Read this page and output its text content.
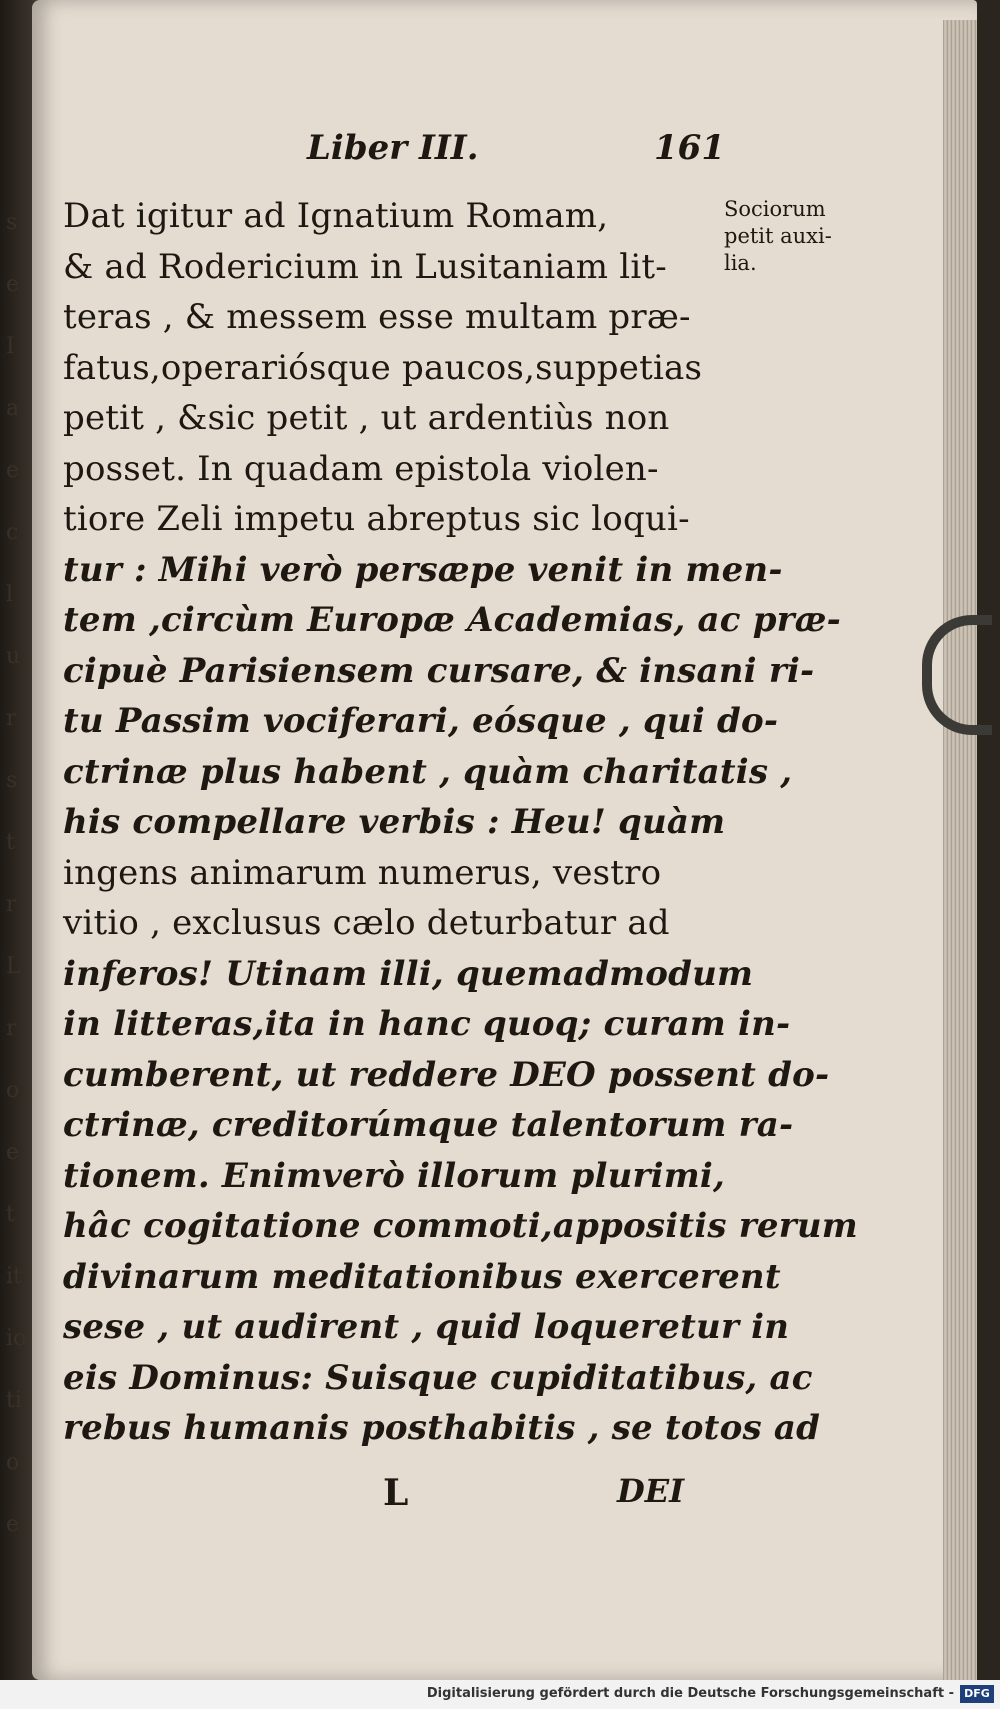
s
e
I
a
e
c
l
u
r
s
t
r
L
r
o
e
t
it
io
ti
o
e
Liber III.	161
Sociorum
petit auxi-
lia.
Dat igitur ad Ignatium Romam,
& ad Rodericium in Lusitaniam lit-
teras , & messem esse multam præ-
fatus,operariósque paucos,suppetias
petit , &sic petit , ut ardentiùs non
posset. In quadam epistola violen-
tiore Zeli impetu abreptus sic loqui-
tur : Mihi verò persæpe venit in men-
tem ,circùm Europæ Academias, ac præ-
cipuè Parisiensem cursare, & insani ri-
tu Passim vociferari, eósque , qui do-
ctrinæ plus habent , quàm charitatis ,
his compellare verbis : Heu! quàm
ingens animarum numerus, vestro
vitio , exclusus cælo deturbatur ad
inferos! Utinam illi, quemadmodum
in litteras,ita in hanc quoq; curam in-
cumberent, ut reddere DEO possent do-
ctrinæ, creditorúmque talentorum ra-
tionem. Enimverò illorum plurimi,
hâc cogitatione commoti,appositis rerum
divinarum meditationibus exercerent
sese , ut audirent , quid loqueretur in
eis Dominus: Suisque cupiditatibus, ac
rebus humanis posthabitis , se totos ad
L	DEI
Digitalisierung gefördert durch die Deutsche Forschungsgemeinschaft - DFG
